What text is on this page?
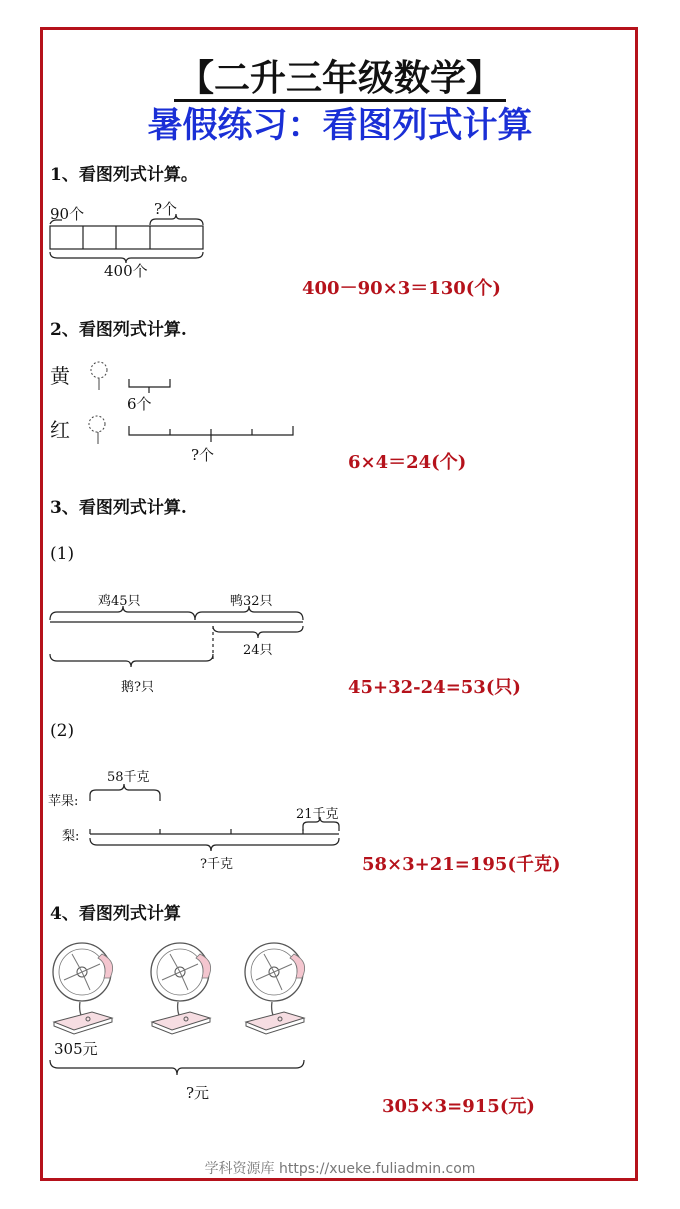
【二升三年级数学】
暑假练习：看图列式计算
1、看图列式计算。
90个	?个
400个
400－90×3＝130(个)
2、看图列式计算.
黄
红
6个
?个	6×4＝24(个)
3、看图列式计算.
(1)
鸡45只	鸭32只
24只
鹅?只	45+32-24=53(只)
(2)
58千克
苹果:
梨:
21千克
?千克	58×3+21=195(千克)
4、看图列式计算
305元
?元
305×3=915(元)
学科资源库 https://xueke.fuliadmin.com
